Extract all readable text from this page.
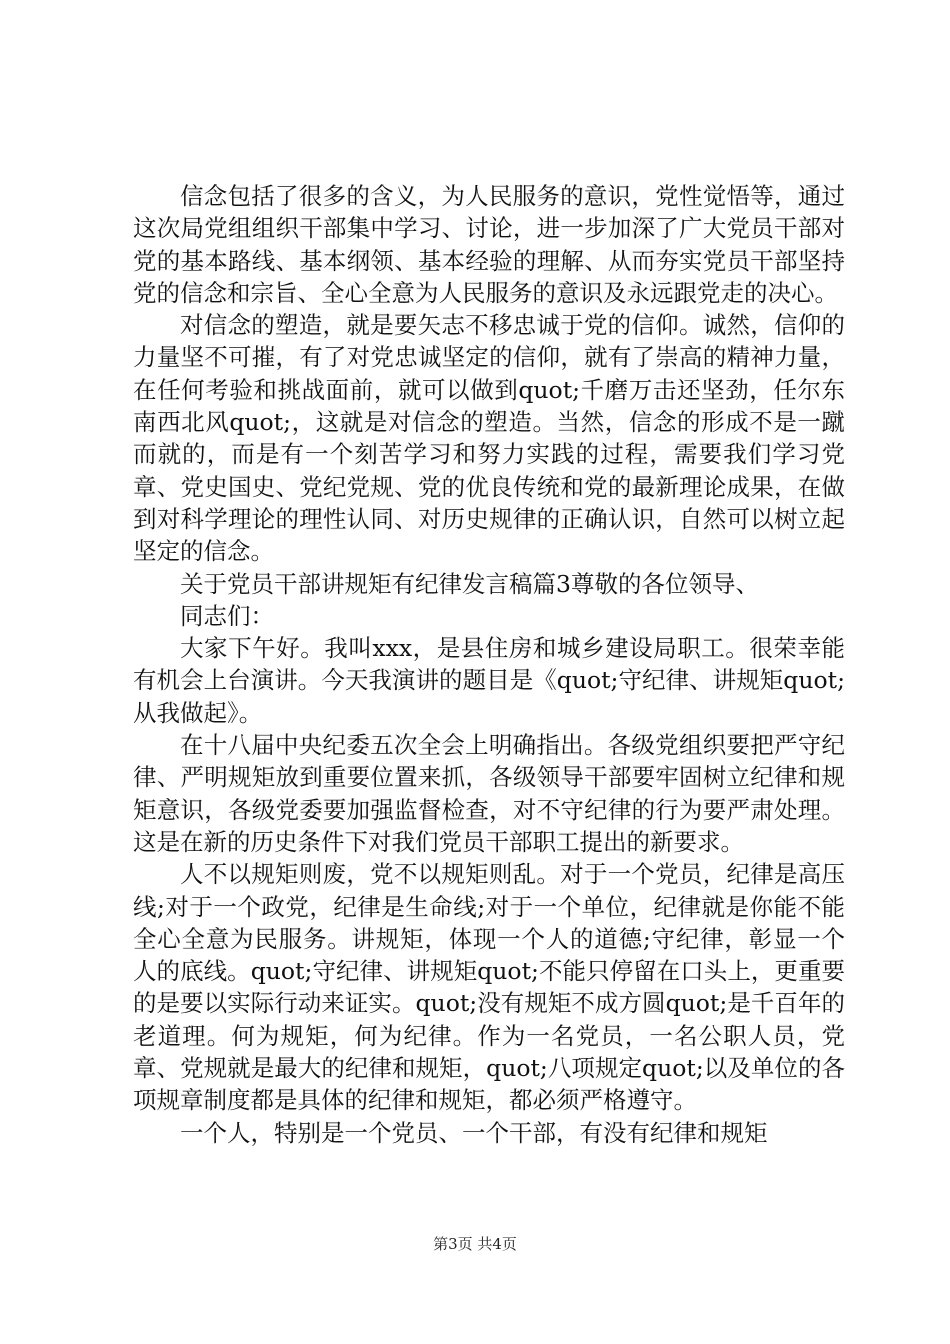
信念包括了很多的含义，为人民服务的意识，党性觉悟等，通过这次局党组组织干部集中学习、讨论，进一步加深了广大党员干部对党的基本路线、基本纲领、基本经验的理解、从而夯实党员干部坚持党的信念和宗旨、全心全意为人民服务的意识及永远跟党走的决心。

对信念的塑造，就是要矢志不移忠诚于党的信仰。诚然，信仰的力量坚不可摧，有了对党忠诚坚定的信仰，就有了崇高的精神力量，在任何考验和挑战面前，就可以做到quot;千磨万击还坚劲，任尔东南西北风quot;，这就是对信念的塑造。当然，信念的形成不是一蹴而就的，而是有一个刻苦学习和努力实践的过程，需要我们学习党章、党史国史、党纪党规、党的优良传统和党的最新理论成果，在做到对科学理论的理性认同、对历史规律的正确认识，自然可以树立起坚定的信念。

关于党员干部讲规矩有纪律发言稿篇3尊敬的各位领导、

同志们：

大家下午好。我叫xxx，是县住房和城乡建设局职工。很荣幸能有机会上台演讲。今天我演讲的题目是《quot;守纪律、讲规矩quot;从我做起》。

在十八届中央纪委五次全会上明确指出。各级党组织要把严守纪律、严明规矩放到重要位置来抓，各级领导干部要牢固树立纪律和规矩意识，各级党委要加强监督检查，对不守纪律的行为要严肃处理。这是在新的历史条件下对我们党员干部职工提出的新要求。

人不以规矩则废，党不以规矩则乱。对于一个党员，纪律是高压线;对于一个政党，纪律是生命线;对于一个单位，纪律就是你能不能全心全意为民服务。讲规矩，体现一个人的道德;守纪律，彰显一个人的底线。quot;守纪律、讲规矩quot;不能只停留在口头上，更重要的是要以实际行动来证实。quot;没有规矩不成方圆quot;是千百年的老道理。何为规矩，何为纪律。作为一名党员，一名公职人员，党章、党规就是最大的纪律和规矩，quot;八项规定quot;以及单位的各项规章制度都是具体的纪律和规矩，都必须严格遵守。

一个人，特别是一个党员、一个干部，有没有纪律和规矩

第3页 共4页
